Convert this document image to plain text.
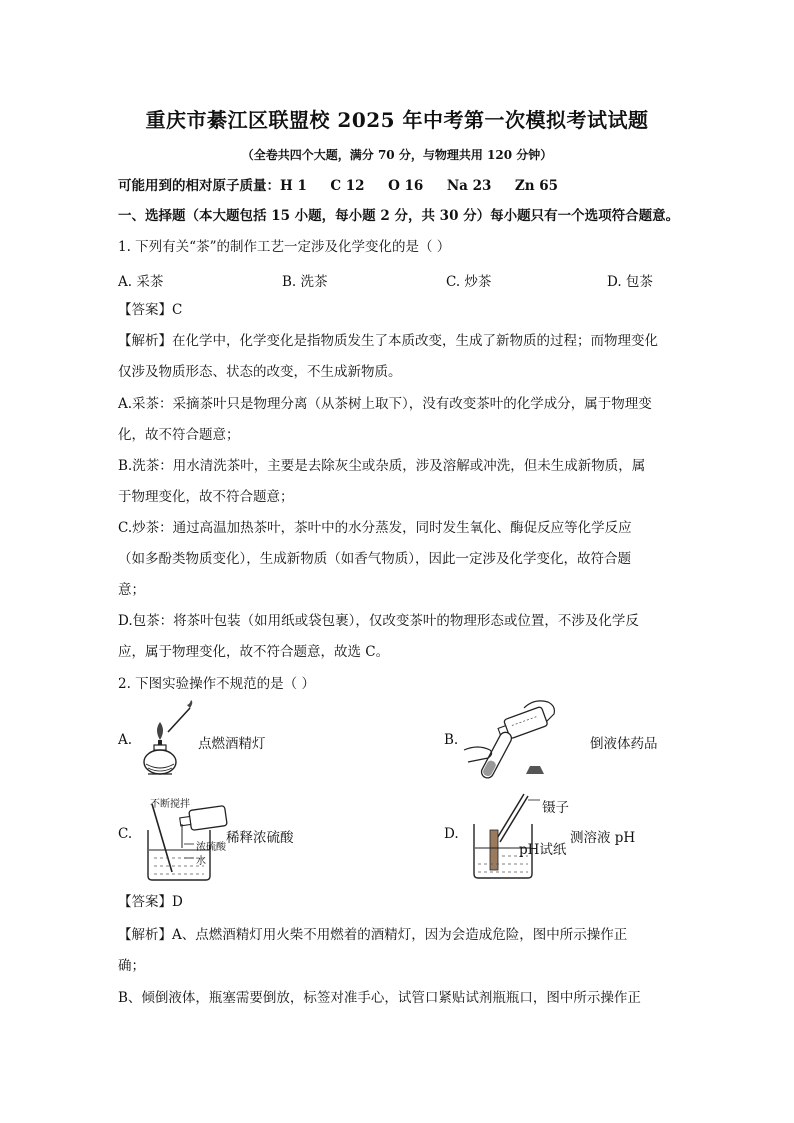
重庆市綦江区联盟校 2025 年中考第一次模拟考试试题
（全卷共四个大题，满分 70 分，与物理共用 120 分钟）
可能用到的相对原子质量：H 1     C 12     O 16     Na 23     Zn 65
一、选择题（本大题包括 15 小题，每小题 2 分，共 30 分）每小题只有一个选项符合题意。
1. 下列有关“茶”的制作工艺一定涉及化学变化的是（ ）
A. 采茶	B. 洗茶	C. 炒茶	D. 包茶
【答案】C
【解析】在化学中，化学变化是指物质发生了本质改变，生成了新物质的过程；而物理变化
仅涉及物质形态、状态的改变，不生成新物质。
A.采茶：采摘茶叶只是物理分离（从茶树上取下），没有改变茶叶的化学成分，属于物理变
化，故不符合题意；
B.洗茶：用水清洗茶叶，主要是去除灰尘或杂质，涉及溶解或冲洗，但未生成新物质，属
于物理变化，故不符合题意；
C.炒茶：通过高温加热茶叶，茶叶中的水分蒸发，同时发生氧化、酶促反应等化学反应
（如多酚类物质变化），生成新物质（如香气物质），因此一定涉及化学变化，故符合题
意；
D.包茶：将茶叶包装（如用纸或袋包裹），仅改变茶叶的物理形态或位置，不涉及化学反
应，属于物理变化，故不符合题意，故选 C。
2. 下图实验操作不规范的是（ ）
A.	点燃酒精灯	B.	倒液体药品
C.
不断搅拌
浓硫酸
水
稀释浓硫酸	D.
镊子
pH试纸
测溶液 pH
【答案】D
【解析】A、点燃酒精灯用火柴不用燃着的酒精灯，因为会造成危险，图中所示操作正
确；
B、倾倒液体，瓶塞需要倒放，标签对准手心，试管口紧贴试剂瓶瓶口，图中所示操作正
